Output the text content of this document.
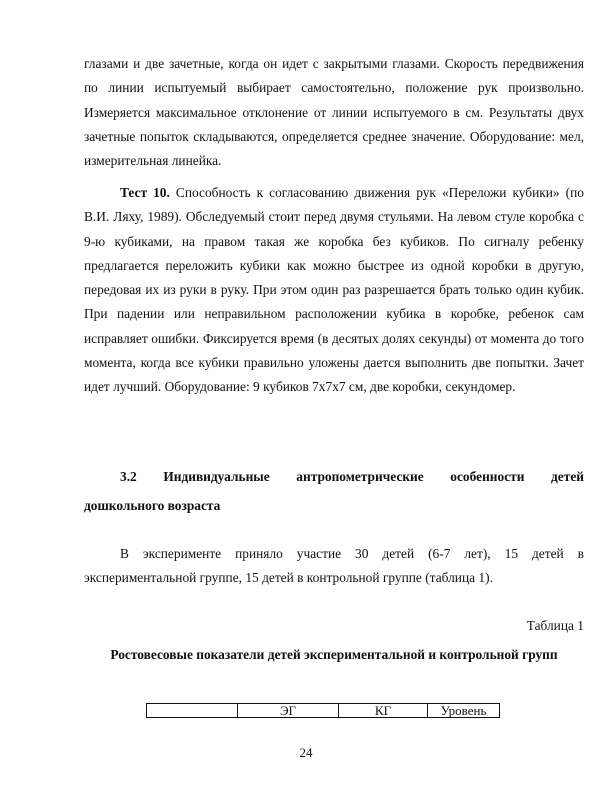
глазами и две зачетные, когда он идет с закрытыми глазами. Скорость передвижения по линии испытуемый выбирает самостоятельно, положение рук произвольно. Измеряется максимальное отклонение от линии испытуемого в см. Результаты двух зачетные попыток складываются, определяется среднее значение. Оборудование: мел, измерительная линейка.

Тест 10. Способность к согласованию движения рук «Переложи кубики» (по В.И. Ляху, 1989). Обследуемый стоит перед двумя стульями. На левом стуле коробка с 9-ю кубиками, на правом такая же коробка без кубиков. По сигналу ребенку предлагается переложить кубики как можно быстрее из одной коробки в другую, передовая их из руки в руку. При этом один раз разрешается брать только один кубик. При падении или неправильном расположении кубика в коробке, ребенок сам исправляет ошибки. Фиксируется время (в десятых долях секунды) от момента до того момента, когда все кубики правильно уложены дается выполнить две попытки. Зачет идет лучший. Оборудование: 9 кубиков 7х7х7 см, две коробки, секундомер.

3.2 Индивидуальные антропометрические особенности детей
дошкольного возраста

В эксперименте приняло участие 30 детей (6-7 лет), 15 детей в экспериментальной группе, 15 детей в контрольной группе (таблица 1).

Таблица 1

Ростовесовые показатели детей экспериментальной и контрольной групп

	ЭГ	КГ	Уровень

24
